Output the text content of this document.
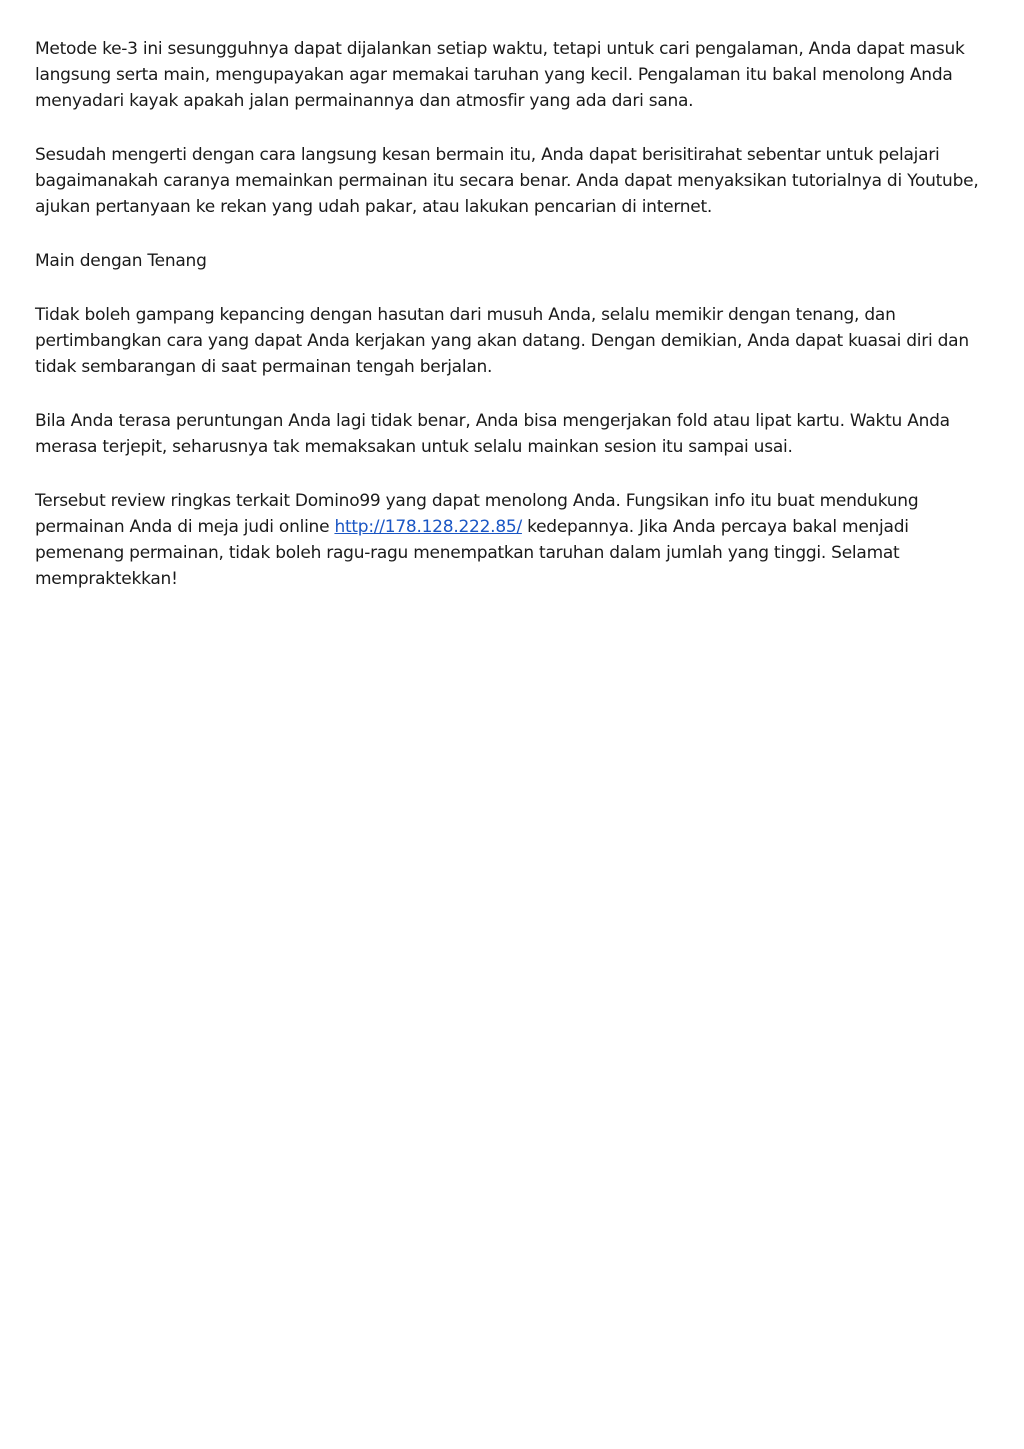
Metode ke-3 ini sesungguhnya dapat dijalankan setiap waktu, tetapi untuk cari pengalaman, Anda dapat masuk langsung serta main, mengupayakan agar memakai taruhan yang kecil. Pengalaman itu bakal menolong Anda menyadari kayak apakah jalan permainannya dan atmosfir yang ada dari sana.

Sesudah mengerti dengan cara langsung kesan bermain itu, Anda dapat berisitirahat sebentar untuk pelajari bagaimanakah caranya memainkan permainan itu secara benar. Anda dapat menyaksikan tutorialnya di Youtube, ajukan pertanyaan ke rekan yang udah pakar, atau lakukan pencarian di internet.

Main dengan Tenang

Tidak boleh gampang kepancing dengan hasutan dari musuh Anda, selalu memikir dengan tenang, dan pertimbangkan cara yang dapat Anda kerjakan yang akan datang. Dengan demikian, Anda dapat kuasai diri dan tidak sembarangan di saat permainan tengah berjalan.

Bila Anda terasa peruntungan Anda lagi tidak benar, Anda bisa mengerjakan fold atau lipat kartu. Waktu Anda merasa terjepit, seharusnya tak memaksakan untuk selalu mainkan sesion itu sampai usai.

Tersebut review ringkas terkait Domino99 yang dapat menolong Anda. Fungsikan info itu buat mendukung permainan Anda di meja judi online http://178.128.222.85/ kedepannya. Jika Anda percaya bakal menjadi pemenang permainan, tidak boleh ragu-ragu menempatkan taruhan dalam jumlah yang tinggi. Selamat mempraktekkan!
